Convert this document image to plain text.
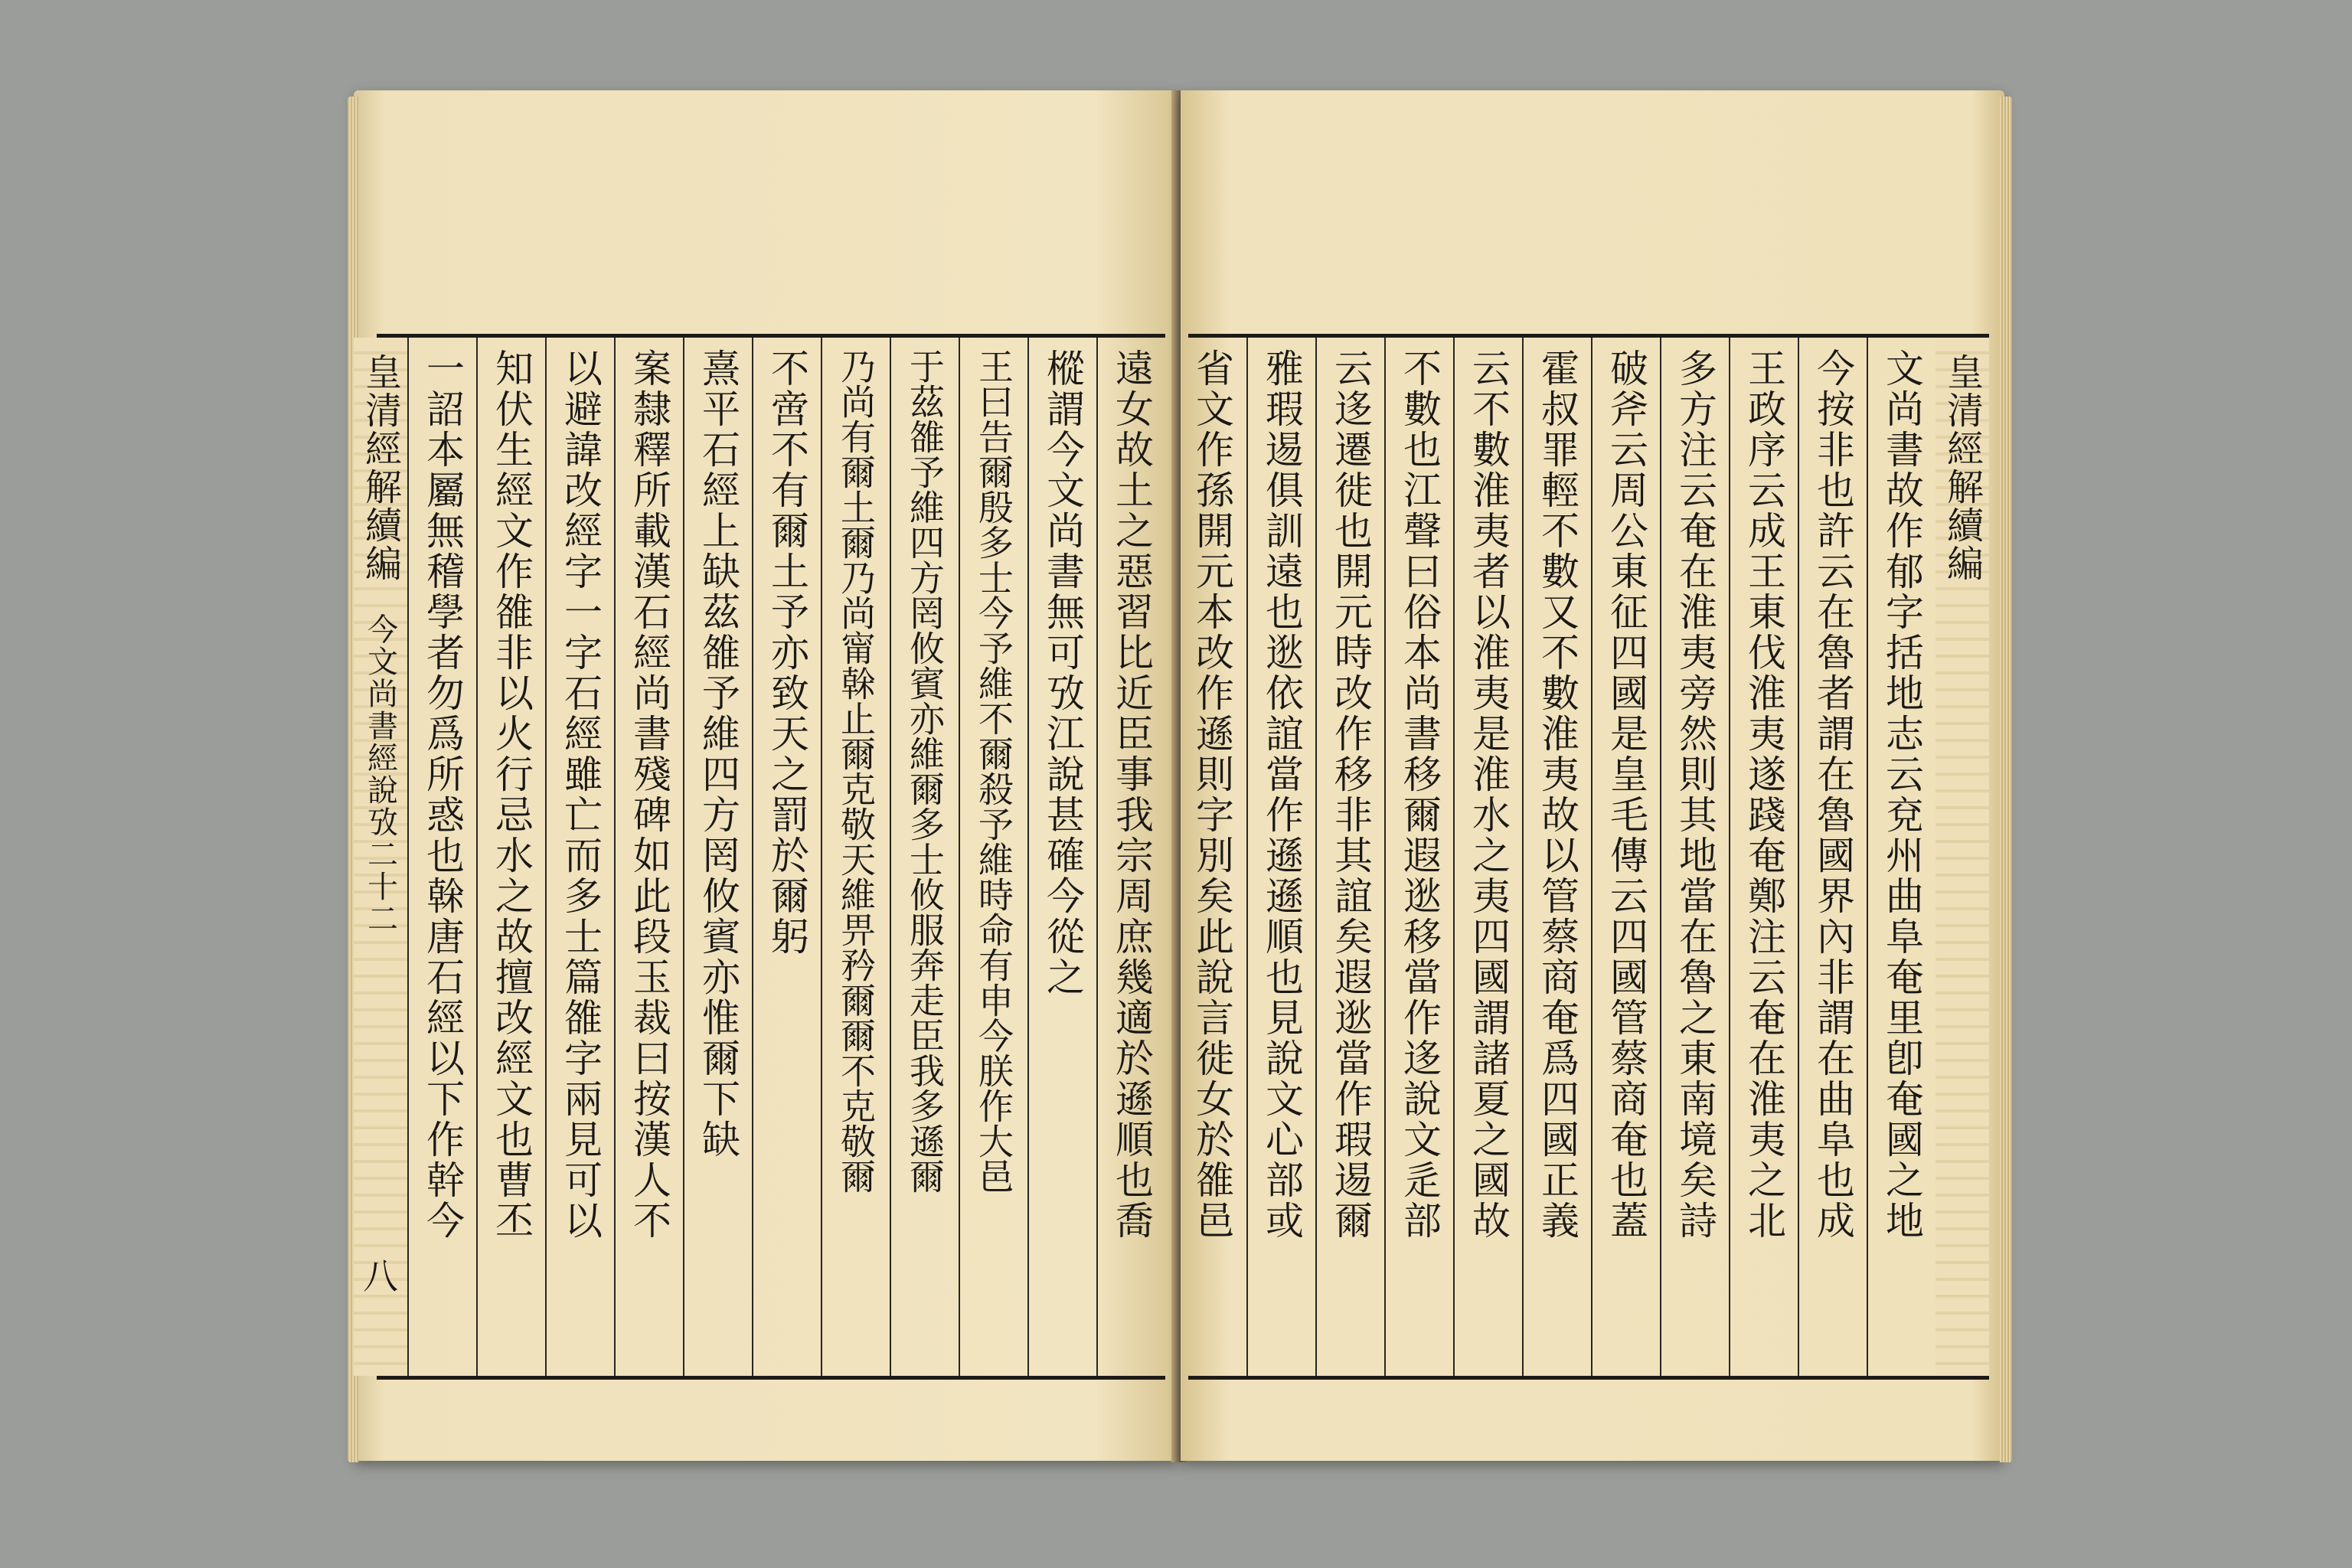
遠女故土之惡習比近臣事我宗周庶幾適於遜順也喬
樅謂今文尚書無可攷江說甚確今從之
王曰告爾殷多士今予維不爾殺予維時命有申今朕作大邑
于茲雒予維四方罔攸賓亦維爾多士攸服奔走臣我多遜爾
乃尚有爾土爾乃尚甯榦止爾克敬天維畀矜爾爾不克敬爾
不啻不有爾土予亦致天之罰於爾躬
熹平石經上缺茲雒予維四方罔攸賓亦惟爾下缺
案隸釋所載漢石經尚書殘碑如此段玉裁曰按漢人不
以避諱改經字一字石經雖亡而多士篇雒字兩見可以
知伏生經文作雒非以火行忌水之故擅改經文也曹丕
一詔本屬無稽學者勿爲所惑也榦唐石經以下作幹今
皇清經解續編
今文尚書經說攷二十二
八
皇清經解續編
文尚書故作郁字括地志云兗州曲阜奄里卽奄國之地
今按非也許云在魯者謂在魯國界內非謂在曲阜也成
王政序云成王東伐淮夷遂踐奄鄭注云奄在淮夷之北
多方注云奄在淮夷旁然則其地當在魯之東南境矣詩
破斧云周公東征四國是皇毛傳云四國管蔡商奄也蓋
霍叔罪輕不數又不數淮夷故以管蔡商奄爲四國正義
云不數淮夷者以淮夷是淮水之夷四國謂諸夏之國故
不數也江聲曰俗本尚書移爾遐逖移當作迻說文辵部
云迻遷徙也開元時改作移非其誼矣遐逖當作瑕逷爾
雅瑕逷俱訓遠也逖依誼當作遜遜順也見說文心部或
省文作孫開元本改作遜則字別矣此說言徙女於雒邑
